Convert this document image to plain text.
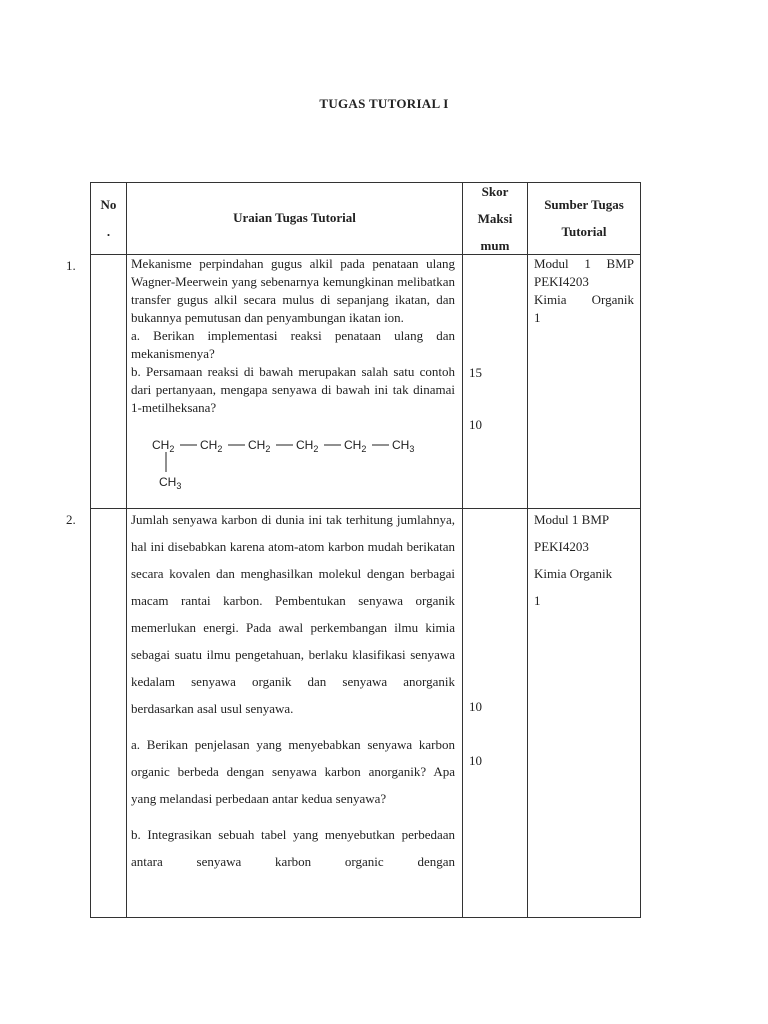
TUGAS TUTORIAL I
1.
2.
No
.
Uraian Tugas Tutorial
Skor
Maksi
mum
Sumber Tugas
Tutorial
Mekanisme perpindahan gugus alkil pada penataan ulang Wagner-Meerwein yang sebenarnya kemungkinan melibatkan transfer gugus alkil secara mulus di sepanjang ikatan, dan bukannya pemutusan dan penyambungan ikatan ion.
a. Berikan implementasi reaksi penataan ulang dan mekanismenya?
b. Persamaan reaksi di bawah merupakan salah satu contoh dari pertanyaan, mengapa senyawa di bawah ini tak dinamai 1-metilheksana?
$CH_2$ $CH_2$ $CH_2$ $CH_2$ $CH_2$ $CH_3$
$CH_3$
15
10
Modul 1 BMP
PEKI4203
Kimia Organik
1
Jumlah senyawa karbon di dunia ini tak terhitung jumlahnya, hal ini disebabkan karena atom-atom karbon mudah berikatan secara kovalen dan menghasilkan molekul dengan berbagai macam rantai karbon. Pembentukan senyawa organik memerlukan energi. Pada awal perkembangan ilmu kimia sebagai suatu ilmu pengetahuan, berlaku klasifikasi senyawa kedalam senyawa organik dan senyawa anorganik berdasarkan asal usul senyawa.
a. Berikan penjelasan yang menyebabkan senyawa karbon organic berbeda dengan senyawa karbon anorganik? Apa yang melandasi perbedaan antar kedua senyawa?
b. Integrasikan sebuah tabel yang menyebutkan perbedaan antara senyawa karbon organic dengan
10
10
Modul 1 BMP
PEKI4203
Kimia Organik
1
